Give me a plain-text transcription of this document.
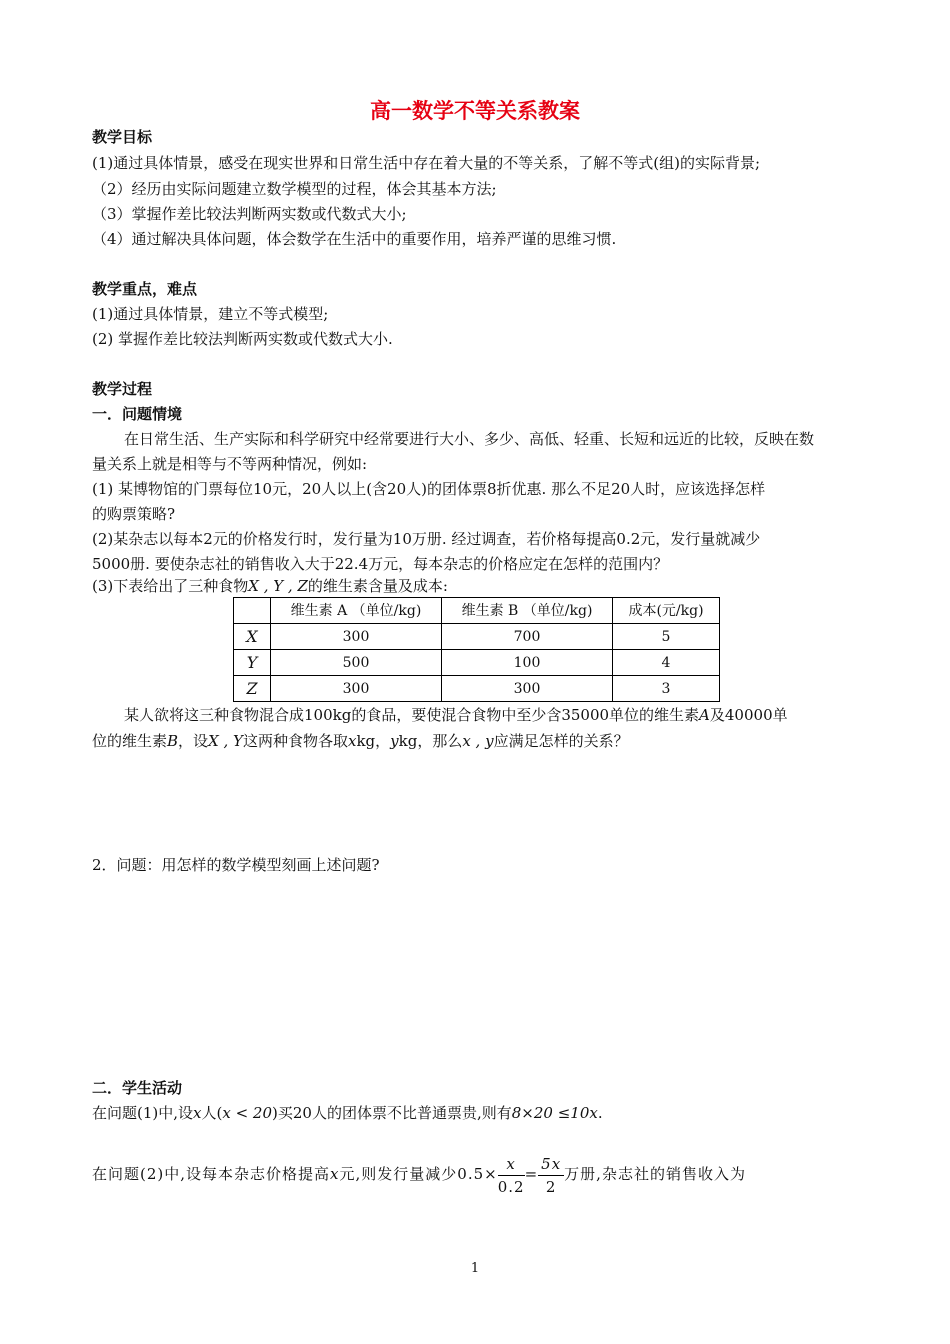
高一数学不等关系教案
教学目标
(1)通过具体情景，感受在现实世界和日常生活中存在着大量的不等关系，了解不等式(组)的实际背景;
（2）经历由实际问题建立数学模型的过程，体会其基本方法;
（3）掌握作差比较法判断两实数或代数式大小;
（4）通过解决具体问题，体会数学在生活中的重要作用，培养严谨的思维习惯.
教学重点，难点
(1)通过具体情景，建立不等式模型;
(2) 掌握作差比较法判断两实数或代数式大小.
教学过程
一．问题情境
在日常生活、生产实际和科学研究中经常要进行大小、多少、高低、轻重、长短和远近的比较，反映在数
量关系上就是相等与不等两种情况，例如:
(1) 某博物馆的门票每位10元，20人以上(含20人)的团体票8折优惠. 那么不足20人时，应该选择怎样
的购票策略?
(2)某杂志以每本2元的价格发行时，发行量为10万册. 经过调查，若价格每提高0.2元，发行量就减少
5000册. 要使杂志社的销售收入大于22.4万元，每本杂志的价格应定在怎样的范围内？
(3)下表给出了三种食物X , Y , Z的维生素含量及成本:
	维生素 A （单位/kg)	维生素 B （单位/kg)	成本(元/kg)
X	300	700	5
Y	500	100	4
Z	300	300	3
某人欲将这三种食物混合成100kg的食品，要使混合食物中至少含35000单位的维生素A及40000单
位的维生素B，设X , Y这两种食物各取xkg，ykg，那么x , y应满足怎样的关系？
2．问题：用怎样的数学模型刻画上述问题?
二．学生活动
在问题(1)中,设x人(x < 20)买20人的团体票不比普通票贵,则有8×20 ≤10x.
在问题(2)中,设每本杂志价格提高x元,则发行量减少$0.5\times \frac{x}{0.2} = \frac{5x}{2}$ 万册,杂志社的销售收入为
1
